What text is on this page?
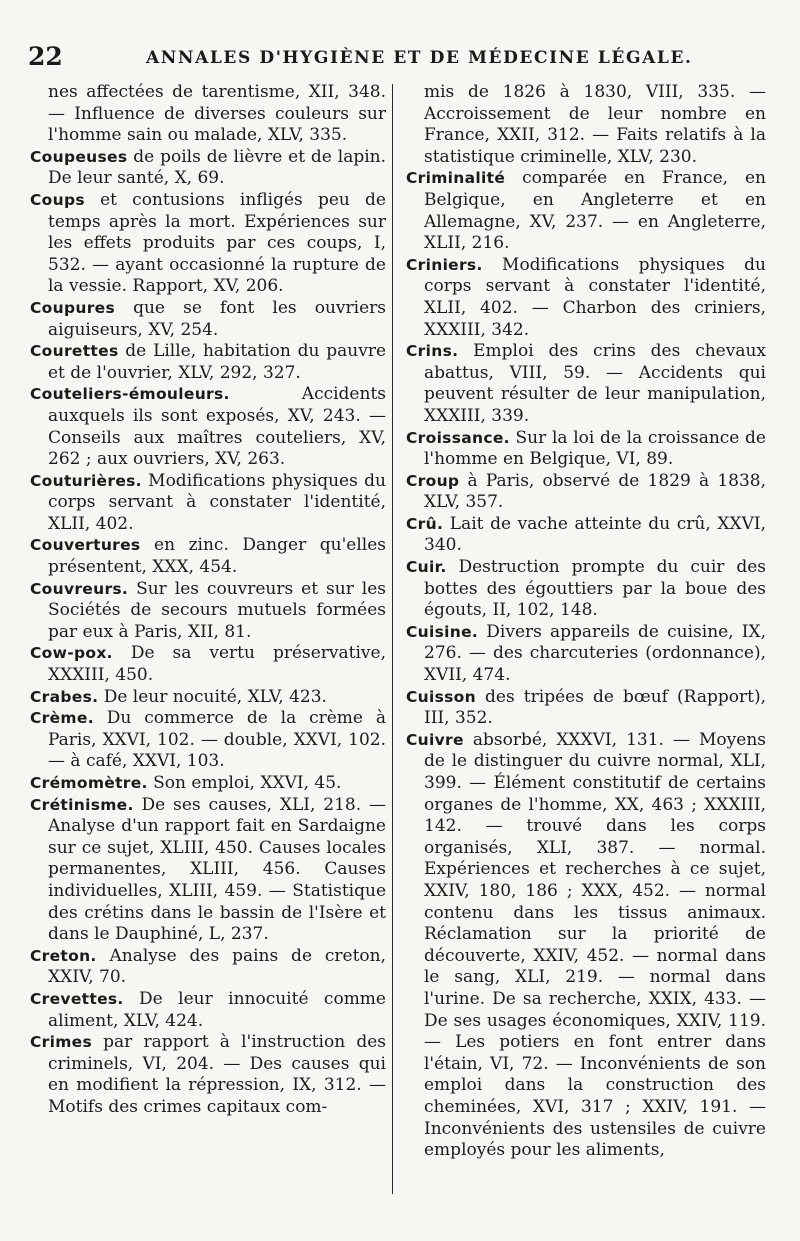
22	ANNALES D'HYGIÈNE ET DE MÉDECINE LÉGALE.

nes affectées de tarentisme, XII, 348. — Influence de diverses couleurs sur l'homme sain ou malade, XLV, 335.

Coupeuses de poils de lièvre et de lapin. De leur santé, X, 69.

Coups et contusions infligés peu de temps après la mort. Expériences sur les effets produits par ces coups, I, 532. — ayant occasionné la rupture de la vessie. Rapport, XV, 206.

Coupures que se font les ouvriers aiguiseurs, XV, 254.

Courettes de Lille, habitation du pauvre et de l'ouvrier, XLV, 292, 327.

Couteliers-émouleurs. Accidents auxquels ils sont exposés, XV, 243. — Conseils aux maîtres couteliers, XV, 262 ; aux ouvriers, XV, 263.

Couturières. Modifications physiques du corps servant à constater l'identité, XLII, 402.

Couvertures en zinc. Danger qu'elles présentent, XXX, 454.

Couvreurs. Sur les couvreurs et sur les Sociétés de secours mutuels formées par eux à Paris, XII, 81.

Cow-pox. De sa vertu préservative, XXXIII, 450.

Crabes. De leur nocuité, XLV, 423.

Crème. Du commerce de la crème à Paris, XXVI, 102. — double, XXVI, 102. — à café, XXVI, 103.

Crémomètre. Son emploi, XXVI, 45.

Crétinisme. De ses causes, XLI, 218. — Analyse d'un rapport fait en Sardaigne sur ce sujet, XLIII, 450. Causes locales permanentes, XLIII, 456. Causes individuelles, XLIII, 459. — Statistique des crétins dans le bassin de l'Isère et dans le Dauphiné, L, 237.

Creton. Analyse des pains de creton, XXIV, 70.

Crevettes. De leur innocuité comme aliment, XLV, 424.

Crimes par rapport à l'instruction des criminels, VI, 204. — Des causes qui en modifient la répression, IX, 312. — Motifs des crimes capitaux com-

mis de 1826 à 1830, VIII, 335. — Accroissement de leur nombre en France, XXII, 312. — Faits relatifs à la statistique criminelle, XLV, 230.

Criminalité comparée en France, en Belgique, en Angleterre et en Allemagne, XV, 237. — en Angleterre, XLII, 216.

Criniers. Modifications physiques du corps servant à constater l'identité, XLII, 402. — Charbon des criniers, XXXIII, 342.

Crins. Emploi des crins des chevaux abattus, VIII, 59. — Accidents qui peuvent résulter de leur manipulation, XXXIII, 339.

Croissance. Sur la loi de la croissance de l'homme en Belgique, VI, 89.

Croup à Paris, observé de 1829 à 1838, XLV, 357.

Crû. Lait de vache atteinte du crû, XXVI, 340.

Cuir. Destruction prompte du cuir des bottes des égouttiers par la boue des égouts, II, 102, 148.

Cuisine. Divers appareils de cuisine, IX, 276. — des charcuteries (ordonnance), XVII, 474.

Cuisson des tripées de bœuf (Rapport), III, 352.

Cuivre absorbé, XXXVI, 131. — Moyens de le distinguer du cuivre normal, XLI, 399. — Élément constitutif de certains organes de l'homme, XX, 463 ; XXXIII, 142. — trouvé dans les corps organisés, XLI, 387. — normal. Expériences et recherches à ce sujet, XXIV, 180, 186 ; XXX, 452. — normal contenu dans les tissus animaux. Réclamation sur la priorité de découverte, XXIV, 452. — normal dans le sang, XLI, 219. — normal dans l'urine. De sa recherche, XXIX, 433. — De ses usages économiques, XXIV, 119. — Les potiers en font entrer dans l'étain, VI, 72. — Inconvénients de son emploi dans la construction des cheminées, XVI, 317 ; XXIV, 191. — Inconvénients des ustensiles de cuivre employés pour les aliments,
